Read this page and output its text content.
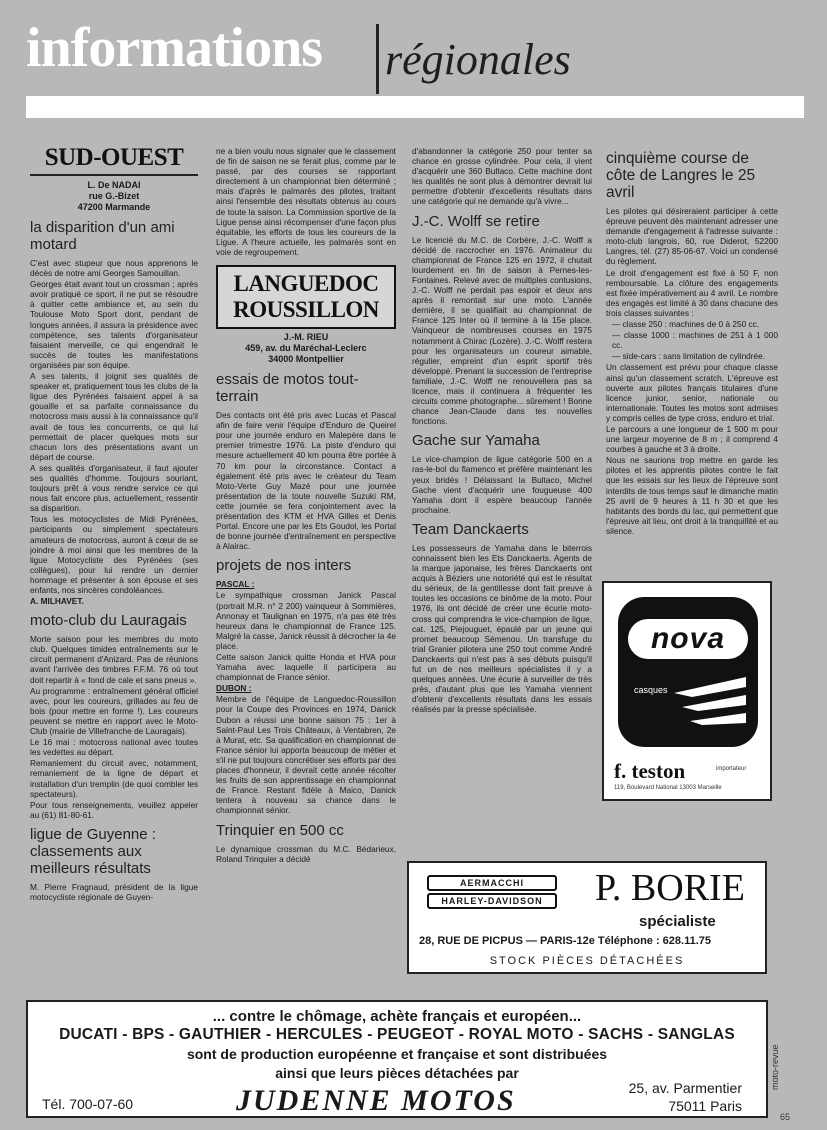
informations régionales
SUD-OUEST
L. De NADAI
rue G.-Bizet
47200 Marmande
la disparition d'un ami motard

C'est avec stupeur que nous apprenons le décès de notre ami Georges Samouillan.

Georges était avant tout un crossman ; après avoir pratiqué ce sport, il ne put se résoudre à quitter cette ambiance et, au sein du Toulouse Moto Sport dont, pendant de longues années, il assura la présidence avec compétence, ses talents d'organisateur faisaient merveille, ce qui engendrait le succès de toutes les manifestations organisées par son équipe.

A ses talents, il joignit ses qualités de speaker et, pratiquement tous les clubs de la ligue des Pyrénées faisaient appel à sa gouaille et sa parfaite connaissance du motocross mais aussi à la connaissance qu'il avait de tous les concurrents, ce qui lui permettait de placer quelques mots sur chacun lors des présentations avant un départ de course.

A ses qualités d'organisateur, il faut ajouter ses qualités d'homme. Toujours souriant, toujours prêt à vous rendre service ce qui nous fait encore plus, actuellement, ressentir sa disparition.

Tous les motocyclistes de Midi Pyrénées, participants ou simplement spectateurs amateurs de motocross, auront à cœur de se joindre à moi ainsi que les membres de la ligue Motocycliste des Pyrénées (ses collègues), pour lui rendre un dernier hommage et présenter à son épouse et ses enfants, nos sincères condoléances.

A. MILHAVET.

moto-club du Lauragais

Morte saison pour les membres du moto club. Quelques timides entraînements sur le circuit permanent d'Anizard. Pas de réunions avant l'arrivée des timbres F.F.M. 76 où tout doit repartir à « fond de cale et sans pneus ».

Au programme : entraînement général officiel avec, pour les coureurs, grillades au feu de bois (pour mettre en forme !). Les coureurs peuvent se mettre en rapport avec le Moto-Club (mairie de Villefranche de Lauragais).

Le 16 mai : motocross national avec toutes les vedettes au départ.

Remaniement du circuit avec, notamment, remaniement de la ligne de départ et installation d'un tremplin (de quoi combler les spectateurs).

Pour tous renseignements, veuillez appeler au (61) 81-80-61.

ligue de Guyenne : classements aux meilleurs résultats

M. Pierre Fragnaud, président de la ligue motocycliste régionale de Guyen-

ne a bien voulu nous signaler que le classement de fin de saison ne se ferait plus, comme par le passé, par des courses se rapportant directement à un championnat bien déterminé ; mais d'après le palmarès des pilotes, traitant ainsi l'ensemble des résultats obtenus au cours de toute la saison. La Commission sportive de la Ligue pense ainsi récompenser d'une façon plus équitable, les efforts de tous les coureurs de la Ligue. A l'heure actuelle, les palmarès sont en voie de regroupement.

LANGUEDOC
ROUSSILLON
J.-M. RIEU
459, av. du Maréchal-Leclerc
34000 Montpellier
essais de motos tout-terrain

Des contacts ont été pris avec Lucas et Pascal afin de faire venir l'équipe d'Enduro de Queirel pour une journée enduro en Malepère dans le premier trimestre 1976. La piste d'enduro qui mesure actuellement 40 km pourra être portée à 70 km pour la circonstance. Contact a également été pris avec le créateur du Team Moto-Verte Guy Mazé pour une journée présentation de la toute nouvelle Suzuki RM, cette journée se fera conjointement avec la présentation des KTM et HVA Gilles et Denis Portal. Encore une par les Ets Goudol, les Portal de bonne journée d'entraînement en perspective à Alairac.

projets de nos inters

PASCAL :

Le sympathique crossman Janick Pascal (portrait M.R. n° 2 200) vainqueur à Sommières, Annonay et Taulignan en 1975, n'a pas été très heureux dans le championnat de France 125. Malgré la casse, Janick réussit à décrocher la 4e place.

Cette saison Janick quitte Honda et HVA pour Yamaha avec laquelle il participera au championnat de France sénior.

DUBON :

Membre de l'équipe de Languedoc-Roussillon pour la Coupe des Provinces en 1974, Danick Dubon a réussi une bonne saison 75 : 1er à Saint-Paul Les Trois Châteaux, à Ventabren, 2e à Murat, etc. Sa qualification en championnat de France sénior lui apporta beaucoup de métier et s'il ne put toujours concrétiser ses efforts par des places d'honneur, il devrait cette année récolter les fruits de son apprentissage en championnat de France. Restant fidèle à Maico, Danick tentera à nouveau sa chance dans le championnat sénior.

Trinquier en 500 cc

Le dynamique crossman du M.C. Bédarieux, Roland Trinquier a décidé

d'abandonner la catégorie 250 pour tenter sa chance en grosse cylindrée. Pour cela, il vient d'acquérir une 360 Bultaco. Cette machine dont les qualités ne sont plus à démontrer devrait lui permettre d'obtenir d'excellents résultats dans une catégorie qui ne demande qu'à vivre...

J.-C. Wolff se retire

Le licencié du M.C. de Corbère, J.-C. Wolff a décidé de raccrocher en 1976. Animateur du championnat de France 125 en 1972, il chutait lourdement en fin de saison à Pernes-les-Fontaines. Relevé avec de multiples contusions, J.-C. Wolff ne perdait pas espoir et deux ans après il remontait sur une moto. L'année dernière, il se qualifiait au championnat de France 125 Inter où il termine à la 15e place. Vainqueur de nombreuses courses en 1975 notamment à Chirac (Lozère). J.-C. Wolff restera pour les organisateurs un coureur aimable, régulier, empreint d'un esprit sportif très développé. Prenant la succession de l'entreprise familiale, J.-C. Wolff ne renouvellera pas sa licence, mais il continuera à fréquenter les circuits comme photographe... sûrement ! Bonne chance Jean-Claude dans tes nouvelles fonctions.

Gache sur Yamaha

Le vice-champion de ligue catégorie 500 en a ras-le-bol du flamenco et préfère maintenant les yeux bridés ! Délaissant la Bultaco, Michel Gache vient d'acquérir une fougueuse 400 Yamaha dont il espère beaucoup l'année prochaine.

Team Danckaerts

Les possesseurs de Yamaha dans le biterrois connaissent bien les Ets Danckaerts. Agents de la marque japonaise, les frères Danckaerts ont acquis à Béziers une notoriété qui est le résultat du sérieux, de la gentillesse dont fait preuve à toutes les occasions ce binôme de la moto. Pour 1976, ils ont décidé de créer une écurie moto-cross qui comprendra le vice-champion de ligue, cat. 125, Piejouguet, épaulé par un jeune qui promet beaucoup Sémenou. Un transfuge du trial Granier pilotera une 250 tout comme André Danckaerts qui n'est pas à ses débuts puisqu'il fut un de nos meilleurs spécialistes il y a quelques années. Une écurie à surveiller de très près, d'autant plus que les Yamaha viennent d'obtenir d'excellents résultats dans les essais réalisés par la presse spécialisée.

cinquième course de côte de Langres le 25 avril

Les pilotes qui désireraient participer à cette épreuve peuvent dès maintenant adresser une demande d'engagement à l'adresse suivante : moto-club langrois, 60, rue Diderot, 52200 Langres, tél. (27) 85-06-67. Voici un condensé du règlement.

Le droit d'engagement est fixé à 50 F, non remboursable. La clôture des engagements est fixée impérativement au 4 avril. Le nombre des engagés est limité à 30 dans chacune des trois classes suivantes :

— classe 250 : machines de 0 à 250 cc.

— classe 1000 : machines de 251 à 1 000 cc.

— side-cars : sans limitation de cylindrée.

Un classement est prévu pour chaque classe ainsi qu'un classement scratch. L'épreuve est ouverte aux pilotes français titulaires d'une licence junior, senior, nationale ou internationale. Toutes les motos sont admises y compris celles de type cross, enduro et trial.

Le parcours a une longueur de 1 500 m pour une largeur moyenne de 8 m ; il comprend 4 courbes à gauche et 3 à droite.

Nous ne saurions trop mettre en garde les pilotes et les apprentis pilotes contre le fait que les essais sur les lieux de l'épreuve sont interdits de tous temps sauf le dimanche matin 25 avril de 9 heures à 11 h 30 et que les habitants des bords du lac, qui permettent que l'épreuve ait lieu, ont droit à la tranquillité et au silence.

nova
casques
f. teston	importateur
119, Boulevard National 13003 Marseille
AERMACCHI
HARLEY-DAVIDSON	P. BORIE
spécialiste
28, RUE DE PICPUS — PARIS-12e Téléphone : 628.11.75
STOCK PIÈCES DÉTACHÉES
... contre le chômage, achète français et européen...
DUCATI - BPS - GAUTHIER - HERCULES - PEUGEOT - ROYAL MOTO - SACHS - SANGLAS
sont de production européenne et française et sont distribuées
ainsi que leurs pièces détachées par
Tél. 700-07-60	JUDENNE MOTOS	25, av. Parmentier
75011 Paris
moto-revue
65
